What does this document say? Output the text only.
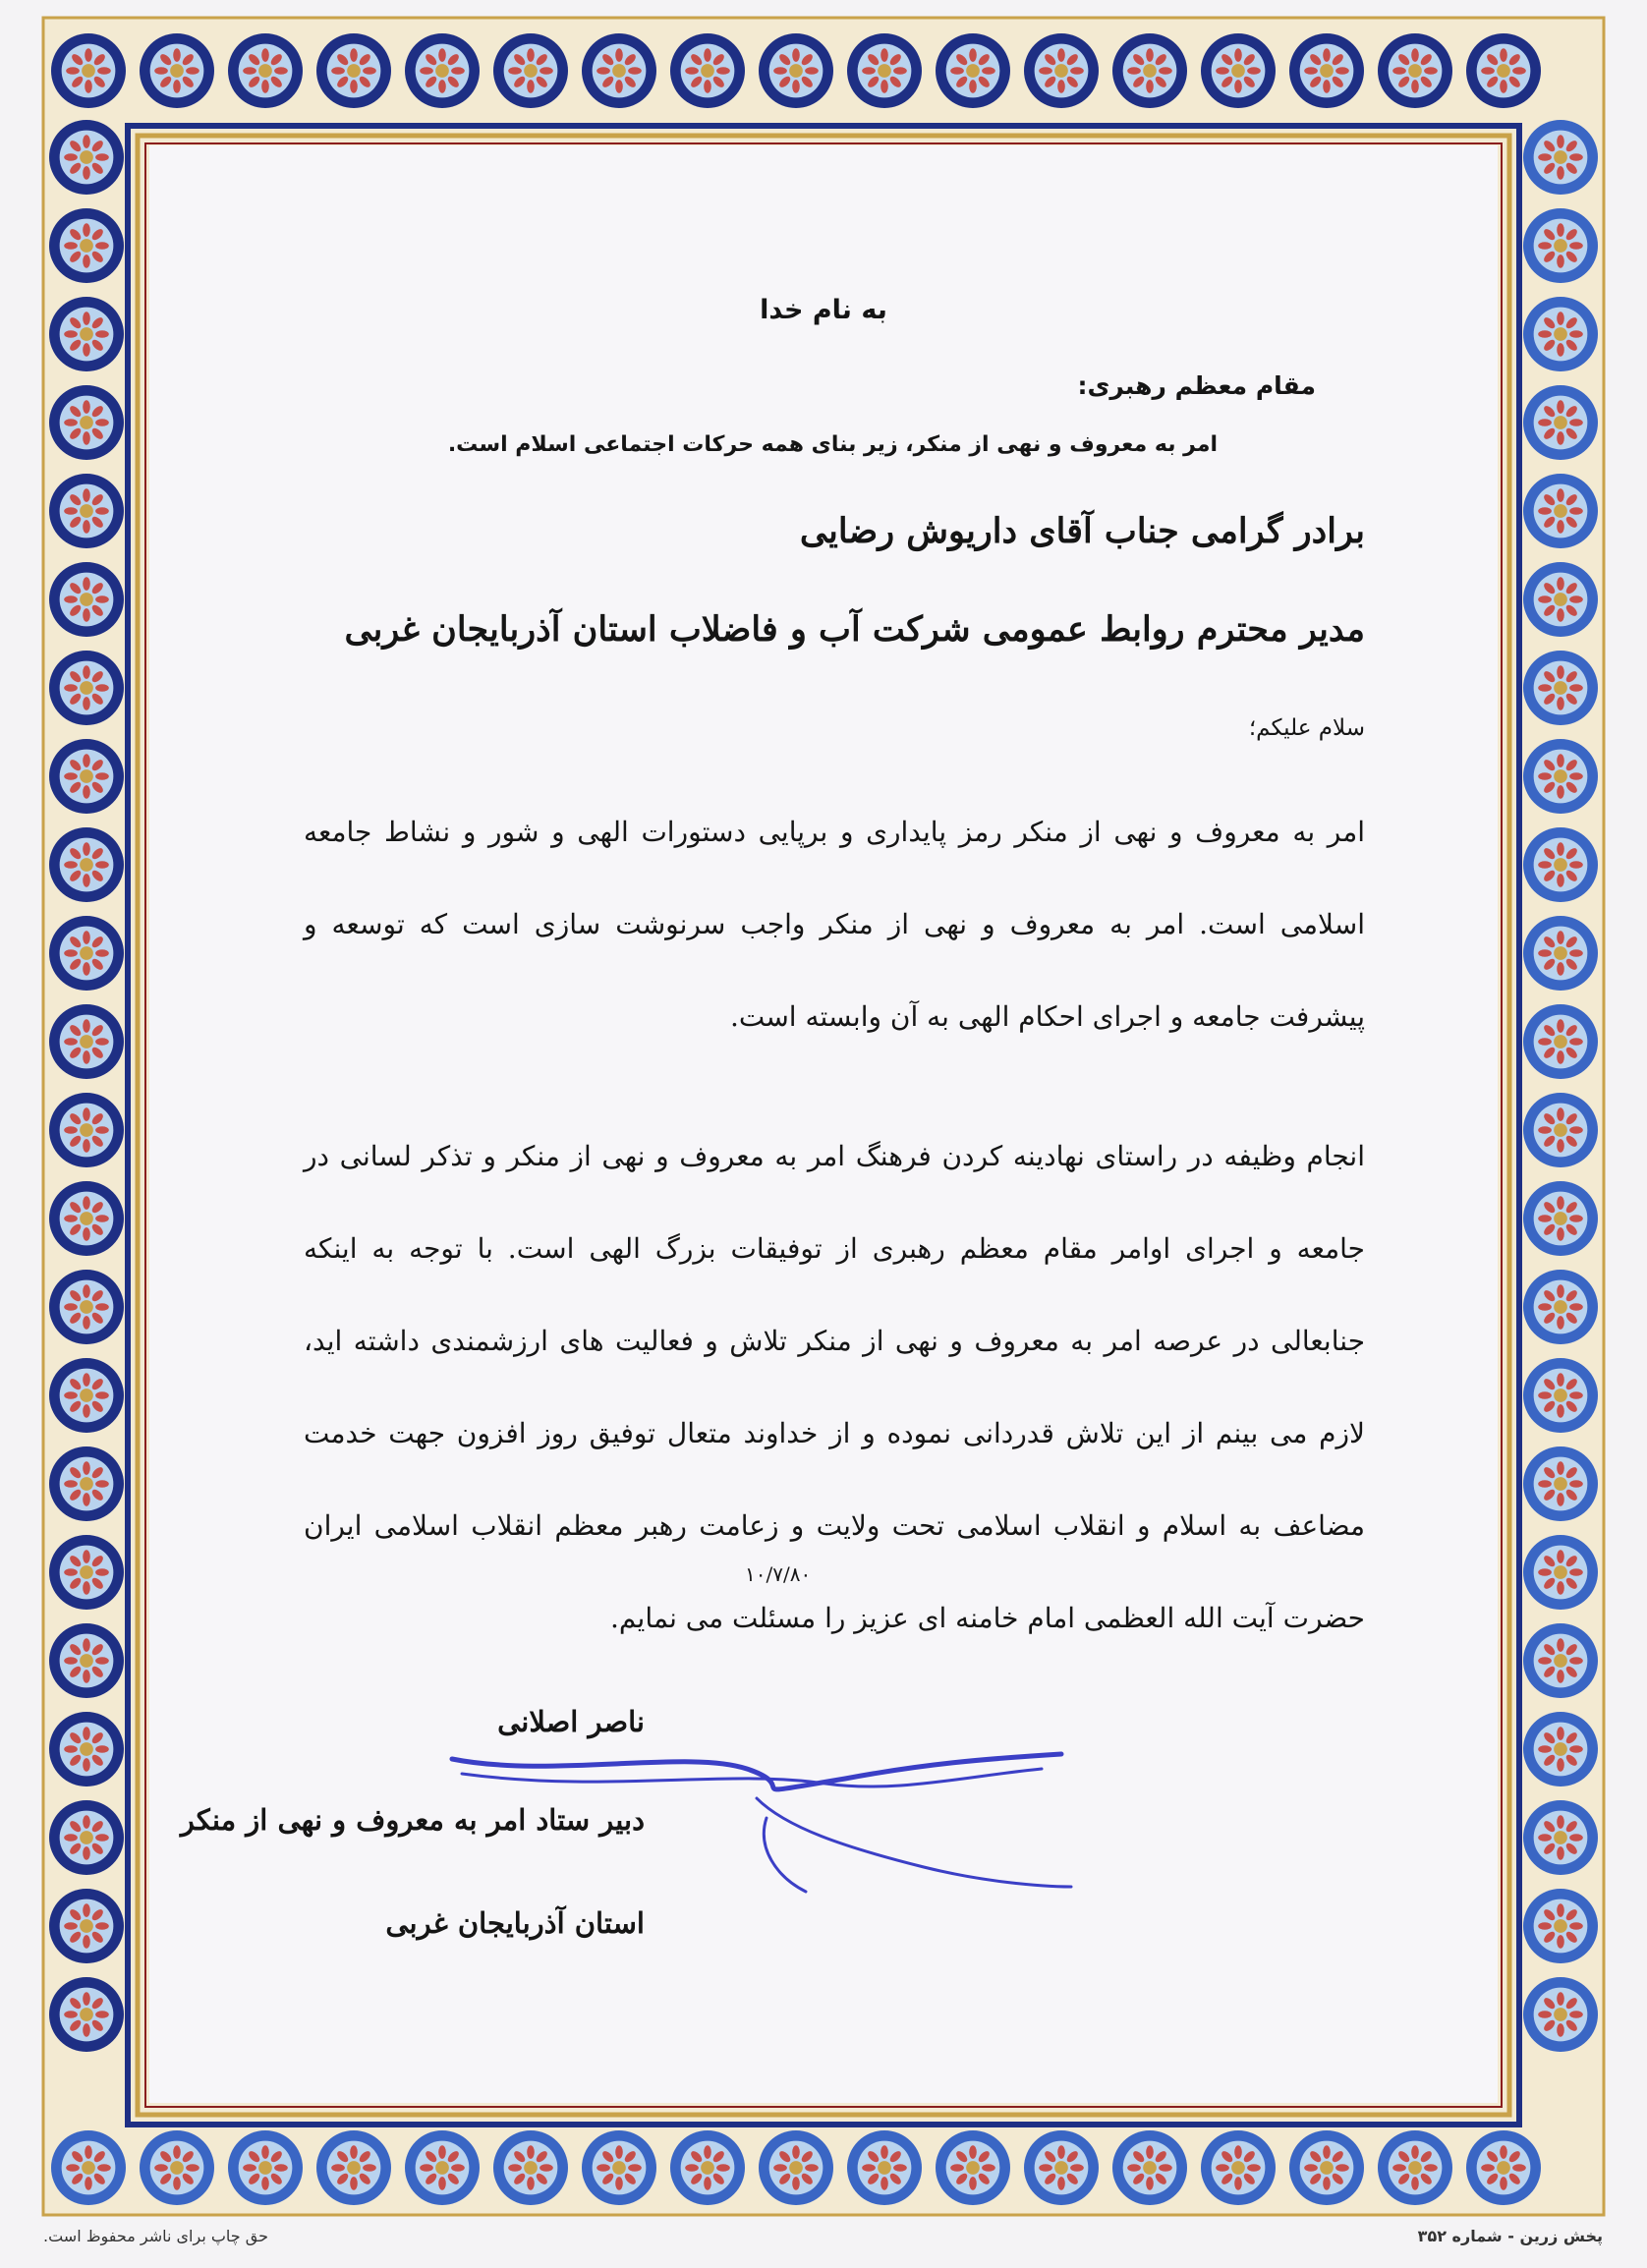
به نام خدا
مقام معظم رهبری:
امر به معروف و نهی از منکر، زیر بنای همه حرکات اجتماعی اسلام است.
برادر گرامی جناب آقای داریوش رضایی
مدیر محترم روابط عمومی شرکت آب و فاضلاب استان آذربایجان غربی
سلام علیکم؛
امر به معروف و نهی از منکر رمز پایداری و برپایی دستورات الهی و شور و نشاط جامعه اسلامی است. امر به معروف و نهی از منکر واجب سرنوشت سازی است که توسعه و پیشرفت جامعه و اجرای احکام الهی به آن وابسته است.
انجام وظیفه در راستای نهادینه کردن فرهنگ امر به معروف و نهی از منکر و تذکر لسانی در جامعه و اجرای اوامر مقام معظم رهبری از توفیقات بزرگ الهی است. با توجه به اینکه جنابعالی در عرصه امر به معروف و نهی از منکر تلاش و فعالیت های ارزشمندی داشته اید، لازم می بینم از این تلاش قدردانی نموده و از خداوند متعال توفیق روز افزون جهت خدمت مضاعف به اسلام و انقلاب اسلامی تحت ولایت و زعامت رهبر معظم انقلاب اسلامی ایران حضرت آیت الله العظمی امام خامنه ای عزیز را مسئلت می نمایم.
۱۰/۷/۸۰
ناصر اصلانی
دبیر ستاد امر به معروف و نهی از منکر
استان آذربایجان غربی
حق چاپ برای ناشر محفوظ است.	پخش زرین - شماره ۳۵۲
